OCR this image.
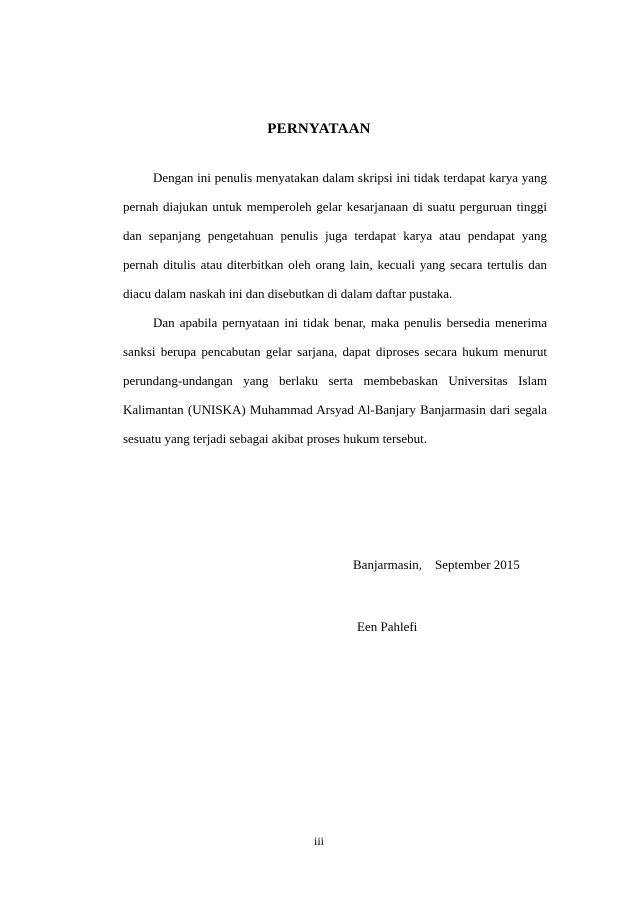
PERNYATAAN
Dengan ini penulis menyatakan dalam skripsi ini tidak terdapat karya yang
pernah diajukan untuk memperoleh gelar kesarjanaan di suatu perguruan tinggi
dan sepanjang pengetahuan penulis juga terdapat karya atau pendapat yang
pernah ditulis atau diterbitkan oleh orang lain, kecuali yang secara tertulis dan
diacu dalam naskah ini dan disebutkan di dalam daftar pustaka.
Dan apabila pernyataan ini tidak benar, maka penulis bersedia menerima
sanksi berupa pencabutan gelar sarjana, dapat diproses secara hukum menurut
perundang-undangan yang berlaku serta membebaskan Universitas Islam
Kalimantan (UNISKA) Muhammad Arsyad Al-Banjary Banjarmasin dari segala
sesuatu yang terjadi sebagai akibat proses hukum tersebut.
Banjarmasin,    September 2015
Een Pahlefi
iii
